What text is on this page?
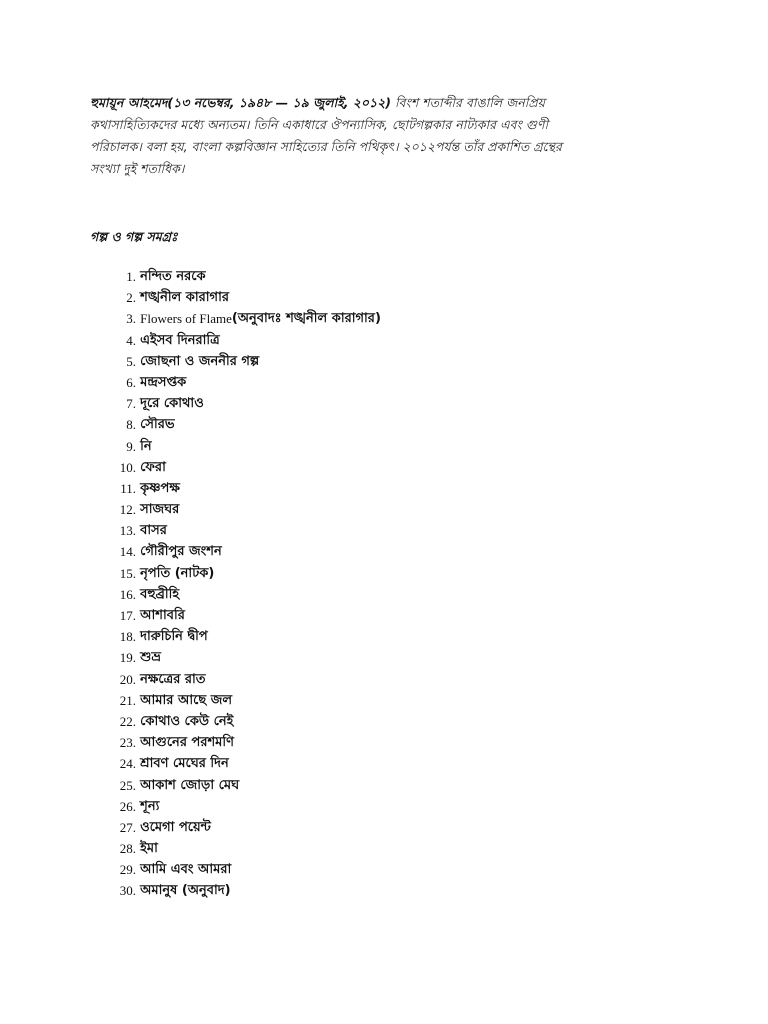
হুমায়ূন আহমেদ(১৩ নভেম্বর, ১৯৪৮ — ১৯ জুলাই, ২০১২) বিংশ শতাব্দীর বাঙালি জনপ্রিয়
কথাসাহিত্যিকদের মধ্যে অন্যতম। তিনি একাধারে ঔপন্যাসিক, ছোটগল্পকার নাট্যকার এবং গুণী
পরিচালক। বলা হয়, বাংলা কল্পবিজ্ঞান সাহিত্যের তিনি পথিকৃৎ। ২০১২পর্যন্ত তাঁর প্রকাশিত গ্রন্থের
সংখ্যা দুই শতাধিক।

গল্প ও গল্প সমগ্রঃ

1.
নন্দিত নরকে
2.
শঙ্খনীল কারাগার
3.
Flowers of Flame (অনুবাদঃ শঙ্খনীল কারাগার)
4.
এইসব দিনরাত্রি
5.
জোছনা ও জননীর গল্প
6.
মন্দ্রসপ্তক
7.
দূরে কোথাও
8.
সৌরভ
9.
নি
10.
ফেরা
11.
কৃষ্ণপক্ষ
12.
সাজঘর
13.
বাসর
14.
গৌরীপুর জংশন
15.
নৃপতি (নাটক)
16.
বহুব্রীহি
17.
আশাবরি
18.
দারুচিনি দ্বীপ
19.
শুভ্র
20.
নক্ষত্রের রাত
21.
আমার আছে জল
22.
কোথাও কেউ নেই
23.
আগুনের পরশমণি
24.
শ্রাবণ মেঘের দিন
25.
আকাশ জোড়া মেঘ
26.
শূন্য
27.
ওমেগা পয়েন্ট
28.
ইমা
29.
আমি এবং আমরা
30.
অমানুষ (অনুবাদ)
